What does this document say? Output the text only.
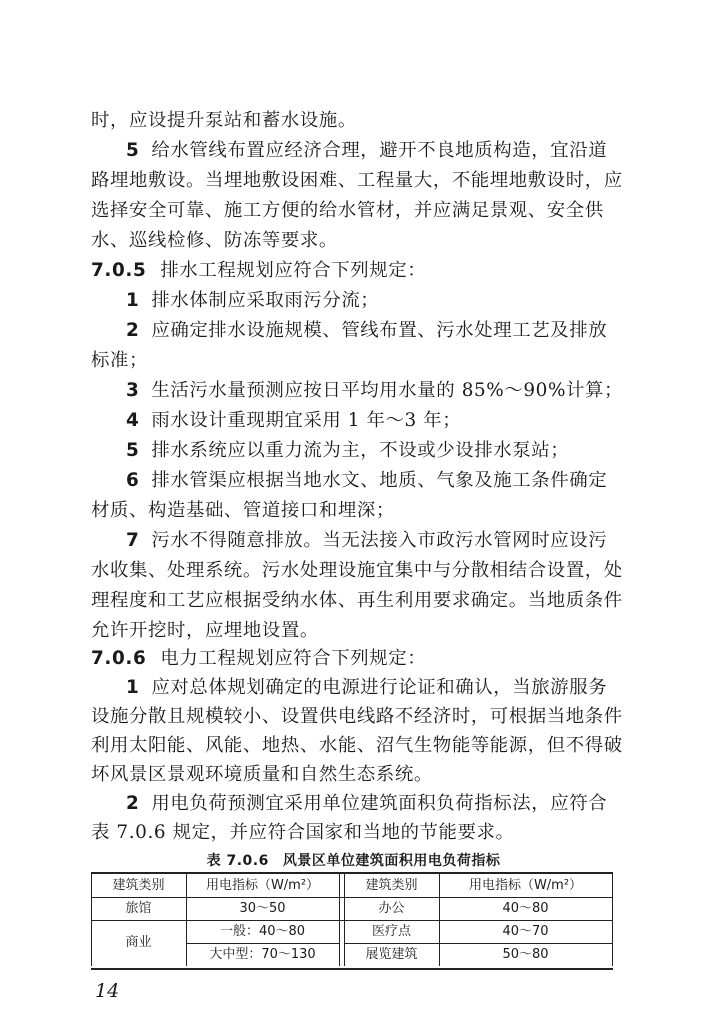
时，应设提升泵站和蓄水设施。
5 给水管线布置应经济合理，避开不良地质构造，宜沿道
路埋地敷设。当埋地敷设困难、工程量大，不能埋地敷设时，应
选择安全可靠、施工方便的给水管材，并应满足景观、安全供
水、巡线检修、防冻等要求。
7.0.5 排水工程规划应符合下列规定：
1 排水体制应采取雨污分流；
2 应确定排水设施规模、管线布置、污水处理工艺及排放
标准；
3 生活污水量预测应按日平均用水量的 85%～90%计算；
4 雨水设计重现期宜采用 1 年～3 年；
5 排水系统应以重力流为主，不设或少设排水泵站；
6 排水管渠应根据当地水文、地质、气象及施工条件确定
材质、构造基础、管道接口和埋深；
7 污水不得随意排放。当无法接入市政污水管网时应设污
水收集、处理系统。污水处理设施宜集中与分散相结合设置，处
理程度和工艺应根据受纳水体、再生利用要求确定。当地质条件
允许开挖时，应埋地设置。
7.0.6 电力工程规划应符合下列规定：
1 应对总体规划确定的电源进行论证和确认，当旅游服务
设施分散且规模较小、设置供电线路不经济时，可根据当地条件
利用太阳能、风能、地热、水能、沼气生物能等能源，但不得破
坏风景区景观环境质量和自然生态系统。
2 用电负荷预测宜采用单位建筑面积负荷指标法，应符合
表 7.0.6 风景区单位建筑面积用电负荷指标
建筑类别	用电指标（W/m²）	建筑类别	用电指标（W/m²）
旅馆	30～50	办公	40～80
商业
一般：40～80	医疗点	40～70
大中型：70～130	展览建筑	50～80
14
表 7.0.6 规定，并应符合国家和当地的节能要求。
